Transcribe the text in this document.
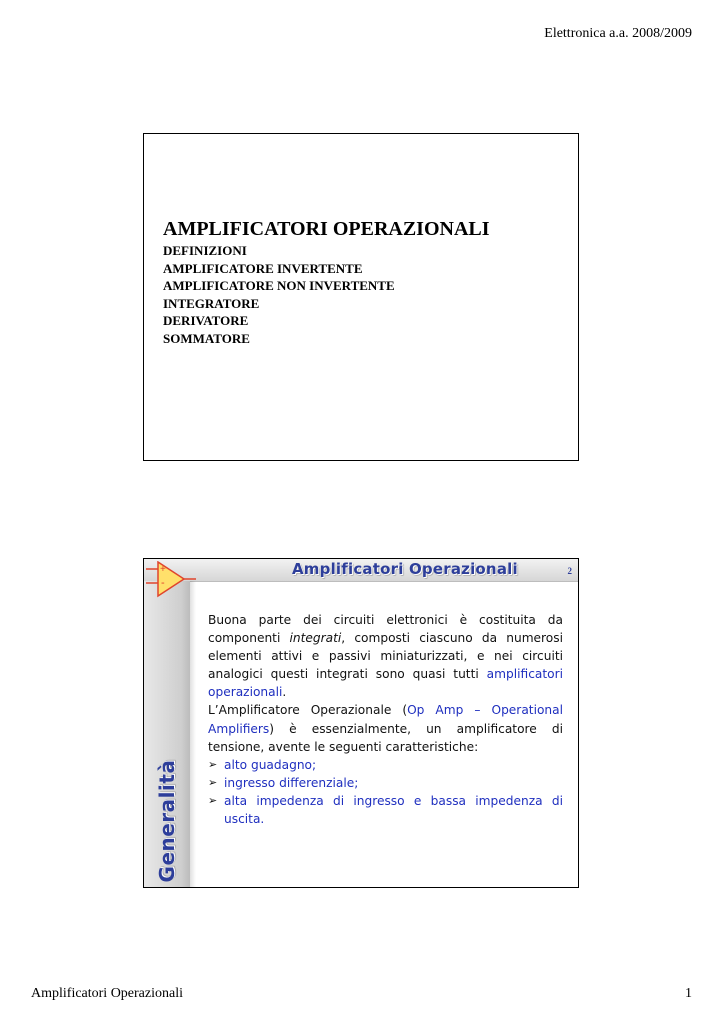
Elettronica a.a. 2008/2009
AMPLIFICATORI OPERAZIONALI
DEFINIZIONI
AMPLIFICATORE INVERTENTE
AMPLIFICATORE NON INVERTENTE
INTEGRATORE
DERIVATORE
SOMMATORE
+
-
Amplificatori Operazionali	2
Generalità

Buona parte dei circuiti elettronici è costituita da componenti integrati, composti ciascuno da numerosi elementi attivi e passivi miniaturizzati, e nei circuiti analogici questi integrati sono quasi tutti amplificatori operazionali.

L’Amplificatore Operazionale (Op Amp – Operational Amplifiers) è essenzialmente, un amplificatore di tensione, avente le seguenti caratteristiche:

➢ alto guadagno;
➢ ingresso differenziale;
➢ alta impedenza di ingresso e bassa impedenza di uscita.
Amplificatori Operazionali	1
